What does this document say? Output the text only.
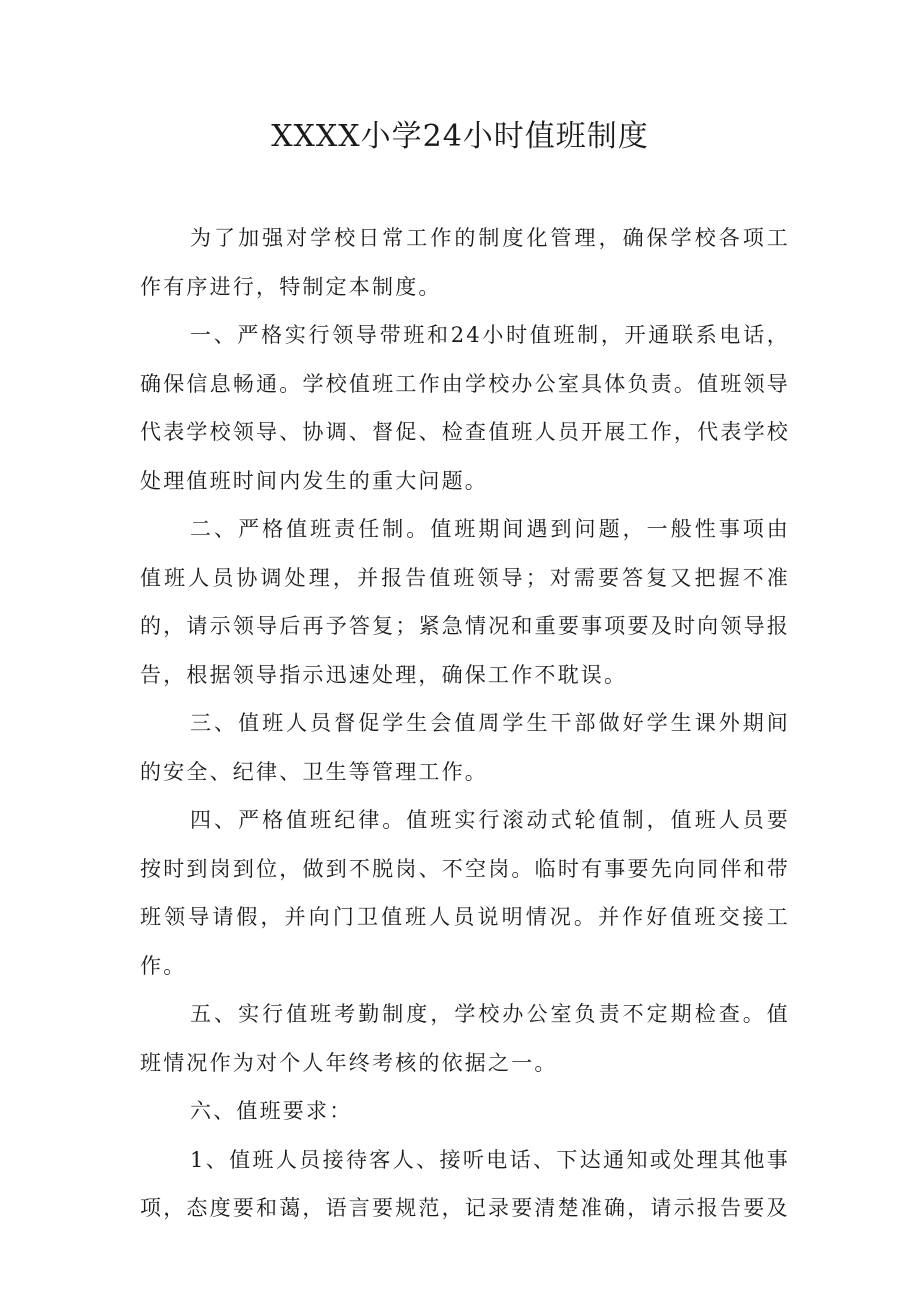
XXXX小学24小时值班制度

为了加强对学校日常工作的制度化管理，确保学校各项工作有序进行，特制定本制度。

一、严格实行领导带班和24小时值班制，开通联系电话，确保信息畅通。学校值班工作由学校办公室具体负责。值班领导代表学校领导、协调、督促、检查值班人员开展工作，代表学校处理值班时间内发生的重大问题。

二、严格值班责任制。值班期间遇到问题，一般性事项由值班人员协调处理，并报告值班领导；对需要答复又把握不准的，请示领导后再予答复；紧急情况和重要事项要及时向领导报告，根据领导指示迅速处理，确保工作不耽误。

三、值班人员督促学生会值周学生干部做好学生课外期间的安全、纪律、卫生等管理工作。

四、严格值班纪律。值班实行滚动式轮值制，值班人员要按时到岗到位，做到不脱岗、不空岗。临时有事要先向同伴和带班领导请假，并向门卫值班人员说明情况。并作好值班交接工作。

五、实行值班考勤制度，学校办公室负责不定期检查。值班情况作为对个人年终考核的依据之一。

六、值班要求：

1、值班人员接待客人、接听电话、下达通知或处理其他事项，态度要和蔼，语言要规范，记录要清楚准确，请示报告要及
